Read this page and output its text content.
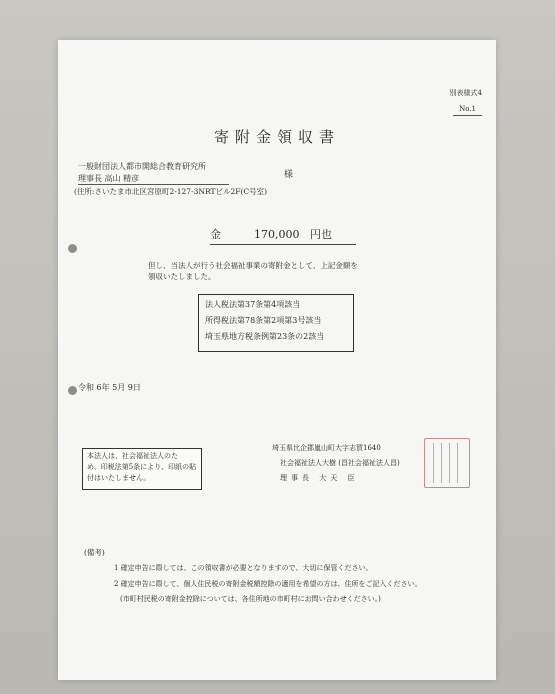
別表様式4
No.1
寄附金領収書
一般財団法人都市開総合教育研究所
理事長 高山 精彦	様
(住所:さいたま市北区宮原町2-127-3NRTビル2F(C号室)
金	170,000 円也
但し、当法人が行う社会福祉事業の寄附金として、上記金額を
領収いたしました。
法人税法第37条第4項該当
所得税法第78条第2項第3号該当
埼玉県地方税条例第23条の2該当
令和 6年 5月 9日
本法人は、社会福祉法人のた
め、印税法第5条により、印紙の貼
付はいたしません。
埼玉県比企郡嵐山町大字志賀1640
社会福祉法人大樹 (昌社会福祉法人昌)
理事長 大天 臣
(備考)
1 確定申告に際しては、この領収書が必要となりますので、大切に保管ください。
2 確定申告に際して、個人住民税の寄附金税額控除の適用を希望の方は、住所をご記入ください。
(市町村民税の寄附金控除については、各住所地の市町村にお問い合わせください。)
